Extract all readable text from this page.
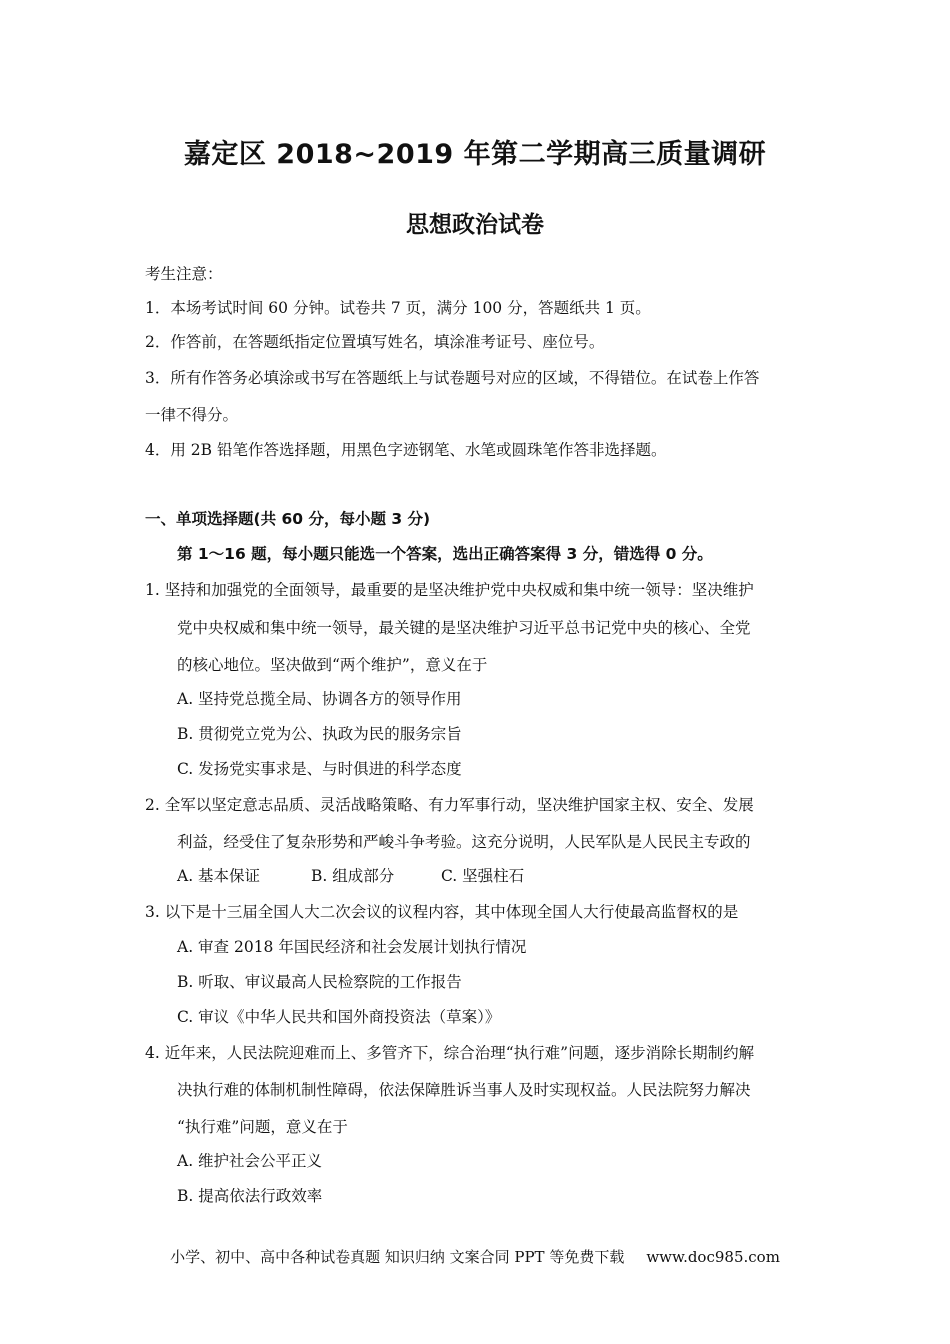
嘉定区 2018~2019 年第二学期高三质量调研
思想政治试卷
考生注意：
1．本场考试时间 60 分钟。试卷共 7 页，满分 100 分，答题纸共 1 页。
2．作答前，在答题纸指定位置填写姓名，填涂准考证号、座位号。
3．所有作答务必填涂或书写在答题纸上与试卷题号对应的区域，不得错位。在试卷上作答
一律不得分。
4．用 2B 铅笔作答选择题，用黑色字迹钢笔、水笔或圆珠笔作答非选择题。
一、单项选择题(共 60 分，每小题 3 分)
第 1～16 题，每小题只能选一个答案，选出正确答案得 3 分，错选得 0 分。
1. 坚持和加强党的全面领导，最重要的是坚决维护党中央权威和集中统一领导：坚决维护
党中央权威和集中统一领导，最关键的是坚决维护习近平总书记党中央的核心、全党
的核心地位。坚决做到“两个维护”，意义在于
A. 坚持党总揽全局、协调各方的领导作用
B. 贯彻党立党为公、执政为民的服务宗旨
C. 发扬党实事求是、与时俱进的科学态度
2. 全军以坚定意志品质、灵活战略策略、有力军事行动，坚决维护国家主权、安全、发展
利益，经受住了复杂形势和严峻斗争考验。这充分说明，人民军队是人民民主专政的
A. 基本保证	B. 组成部分	C. 坚强柱石
3. 以下是十三届全国人大二次会议的议程内容，其中体现全国人大行使最高监督权的是
A. 审查 2018 年国民经济和社会发展计划执行情况
B. 听取、审议最高人民检察院的工作报告
C. 审议《中华人民共和国外商投资法（草案）》
4. 近年来，人民法院迎难而上、多管齐下，综合治理“执行难”问题，逐步消除长期制约解
决执行难的体制机制性障碍，依法保障胜诉当事人及时实现权益。人民法院努力解决
“执行难”问题，意义在于
A. 维护社会公平正义
B. 提高依法行政效率
小学、初中、高中各种试卷真题 知识归纳 文案合同 PPT 等免费下载 www.doc985.com
